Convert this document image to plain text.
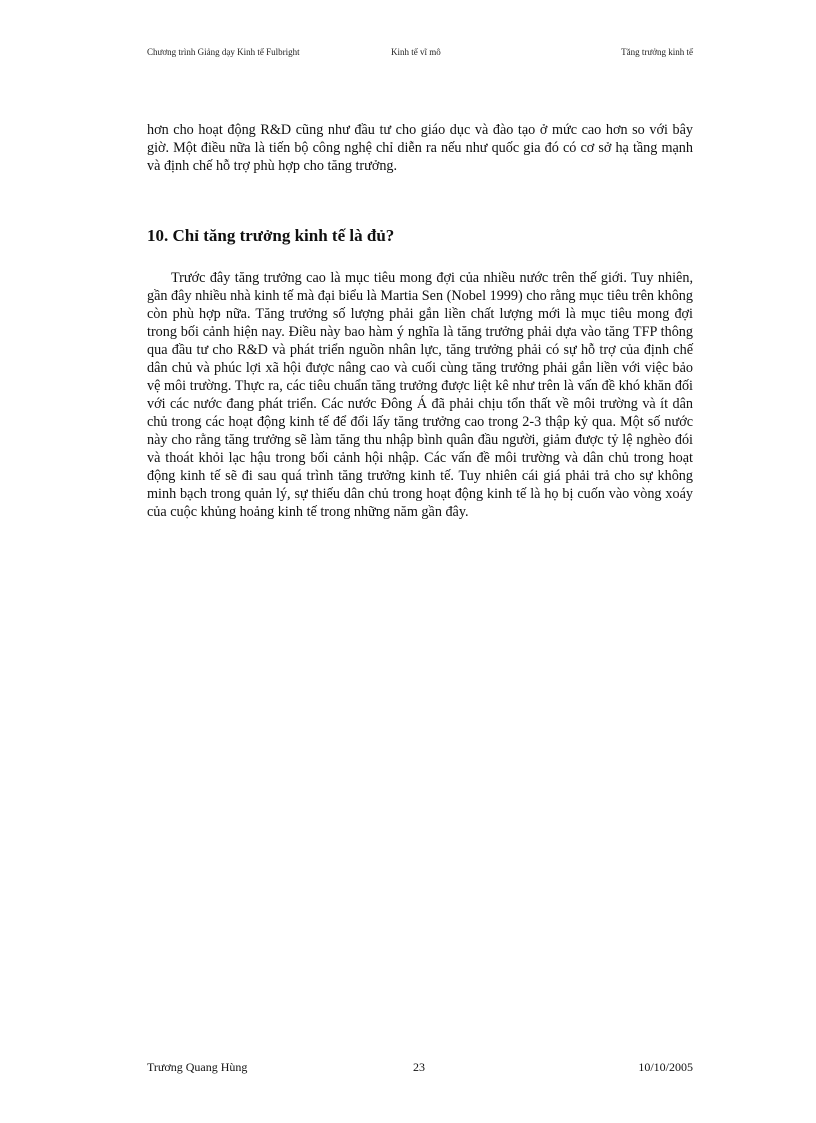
Chương trình Giảng dạy Kinh tế Fulbright	Kinh tế vĩ mô	Tăng trưởng kinh tế

hơn cho hoạt động R&D cũng như đầu tư cho giáo dục và đào tạo ở mức cao hơn so với bây giờ. Một điều nữa là tiến bộ công nghệ chỉ diễn ra nếu như quốc gia đó có cơ sở hạ tầng mạnh và định chế hỗ trợ phù hợp cho tăng trưởng.

10. Chỉ tăng trưởng kinh tế là đủ?

Trước đây tăng trưởng cao là mục tiêu mong đợi của nhiều nước trên thế giới. Tuy nhiên, gần đây nhiều nhà kinh tế mà đại biểu là Martia Sen (Nobel 1999) cho rằng mục tiêu trên không còn phù hợp nữa. Tăng trưởng số lượng phải gắn liền chất lượng mới là mục tiêu mong đợi trong bối cảnh hiện nay. Điều này bao hàm ý nghĩa là tăng trưởng phải dựa vào tăng TFP thông qua đầu tư cho R&D và phát triển nguồn nhân lực, tăng trưởng phải có sự hỗ trợ của định chế dân chủ và phúc lợi xã hội được nâng cao và cuối cùng tăng trưởng phải gắn liền với việc bảo vệ môi trường. Thực ra, các tiêu chuẩn tăng trưởng được liệt kê như trên là vấn đề khó khăn đối với các nước đang phát triển. Các nước Đông Á đã phải chịu tổn thất về môi trường và ít dân chủ trong các hoạt động kinh tế để đổi lấy tăng trưởng cao trong 2-3 thập kỷ qua. Một số nước này cho rằng tăng trưởng sẽ làm tăng thu nhập bình quân đầu người, giảm được tỷ lệ nghèo đói và thoát khỏi lạc hậu trong bối cảnh hội nhập. Các vấn đề môi trường và dân chủ trong hoạt động kinh tế sẽ đi sau quá trình tăng trưởng kinh tế. Tuy nhiên cái giá phải trả cho sự không minh bạch trong quản lý, sự thiếu dân chủ trong hoạt động kinh tế là họ bị cuốn vào vòng xoáy của cuộc khủng hoảng kinh tế trong những năm gần đây.

Trương Quang Hùng	23	10/10/2005
